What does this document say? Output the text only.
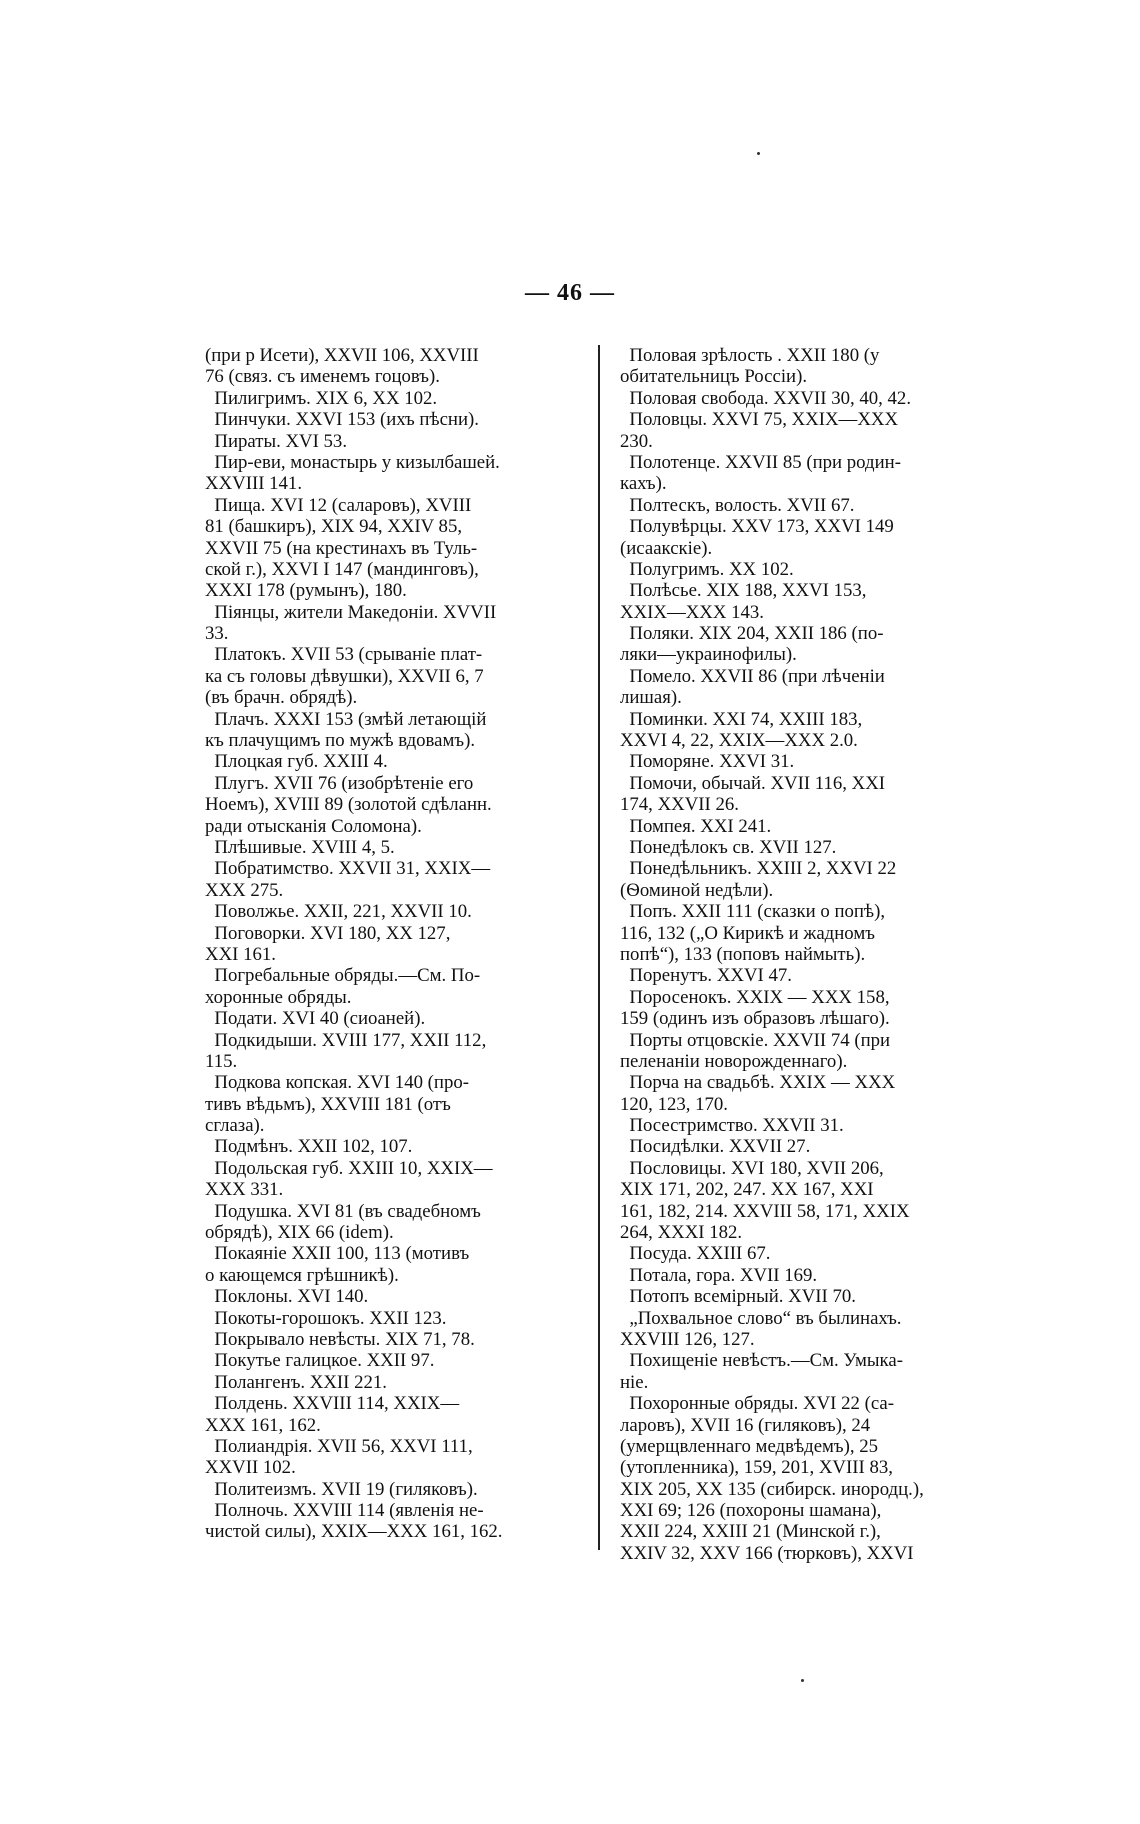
— 46 —
(при р Исети), XXVII 106, XXVIII
76 (связ. съ именемъ гоцовъ).
Пилигримъ. XIX 6, XX 102.
Пинчуки. XXVI 153 (ихъ пѣсни).
Пираты. XVI 53.
Пир-еви, монастырь у кизылбашей.
XXVIII 141.
Пища. XVI 12 (саларовъ), XVIII
81 (башкиръ), XIX 94, XXIV 85,
XXVII 75 (на крестинахъ въ Туль-
ской г.), XXVI I 147 (мандинговъ),
XXXI 178 (румынъ), 180.
Піянцы, жители Македоніи. XVVII
33.
Платокъ. XVII 53 (срываніе плат-
ка съ головы дѣвушки), XXVII 6, 7
(въ брачн. обрядѣ).
Плачъ. XXXI 153 (змѣй летающій
къ плачущимъ по мужѣ вдовамъ).
Плоцкая губ. XXIII 4.
Плугъ. XVII 76 (изобрѣтеніе его
Ноемъ), XVIII 89 (золотой сдѣланн.
ради отысканія Соломона).
Плѣшивые. XVIII 4, 5.
Побратимство. XXVII 31, XXIX—
XXX 275.
Поволжье. XXII, 221, XXVII 10.
Поговорки. XVI 180, XX 127,
XXI 161.
Погребальные обряды.—См. По-
хоронные обряды.
Подати. XVI 40 (сиоаней).
Подкидыши. XVIII 177, XXII 112,
115.
Подкова копская. XVI 140 (про-
тивъ вѣдьмъ), XXVIII 181 (отъ
сглаза).
Подмѣнъ. XXII 102, 107.
Подольская губ. XXIII 10, XXIX—
XXX 331.
Подушка. XVI 81 (въ свадебномъ
обрядѣ), XIX 66 (idem).
Покаяніе XXII 100, 113 (мотивъ
о кающемся грѣшникѣ).
Поклоны. XVI 140.
Покоты-горошокъ. XXII 123.
Покрывало невѣсты. XIX 71, 78.
Покутье галицкое. XXII 97.
Полангенъ. XXII 221.
Полдень. XXVIII 114, XXIX—
XXX 161, 162.
Полиандрія. XVII 56, XXVI 111,
XXVII 102.
Политеизмъ. XVII 19 (гиляковъ).
Полночь. XXVIII 114 (явленія не-
чистой силы), XXIX—XXX 161, 162.
Половая зрѣлость . XXII 180 (у
обитательницъ Россіи).
Половая свобода. XXVII 30, 40, 42.
Половцы. XXVI 75, XXIX—XXX
230.
Полотенце. XXVII 85 (при родин-
кахъ).
Полтескъ, волость. XVII 67.
Полувѣрцы. XXV 173, XXVI 149
(исаакскіе).
Полугримъ. XX 102.
Полѣсье. XIX 188, XXVI 153,
XXIX—XXX 143.
Поляки. XIX 204, XXII 186 (по-
ляки—украинофилы).
Помело. XXVII 86 (при лѣченіи
лишая).
Поминки. XXI 74, XXIII 183,
XXVI 4, 22, XXIX—XXX 2.0.
Поморяне. XXVI 31.
Помочи, обычай. XVII 116, XXI
174, XXVII 26.
Помпея. XXI 241.
Понедѣлокъ св. XVII 127.
Понедѣльникъ. XXIII 2, XXVI 22
(Ѳоминой недѣли).
Попъ. XXII 111 (сказки о попѣ),
116, 132 („О Кирикѣ и жадномъ
попѣ“), 133 (поповъ наймыть).
Поренутъ. XXVI 47.
Поросенокъ. XXIX — XXX 158,
159 (одинъ изъ образовъ лѣшаго).
Порты отцовскіе. XXVII 74 (при
пеленаніи новорожденнаго).
Порча на свадьбѣ. XXIX — XXX
120, 123, 170.
Посестримство. XXVII 31.
Посидѣлки. XXVII 27.
Пословицы. XVI 180, XVII 206,
XIX 171, 202, 247. XX 167, XXI
161, 182, 214. XXVIII 58, 171, XXIX
264, XXXI 182.
Посуда. XXIII 67.
Потала, гора. XVII 169.
Потопъ всемірный. XVII 70.
„Похвальное слово“ въ былинахъ.
XXVIII 126, 127.
Похищеніе невѣстъ.—См. Умыка-
ніе.
Похоронные обряды. XVI 22 (са-
ларовъ), XVII 16 (гиляковъ), 24
(умерщвленнаго медвѣдемъ), 25
(утопленника), 159, 201, XVIII 83,
XIX 205, XX 135 (сибирск. инородц.),
XXI 69; 126 (похороны шамана),
XXII 224, XXIII 21 (Минской г.),
XXIV 32, XXV 166 (тюрковъ), XXVI
